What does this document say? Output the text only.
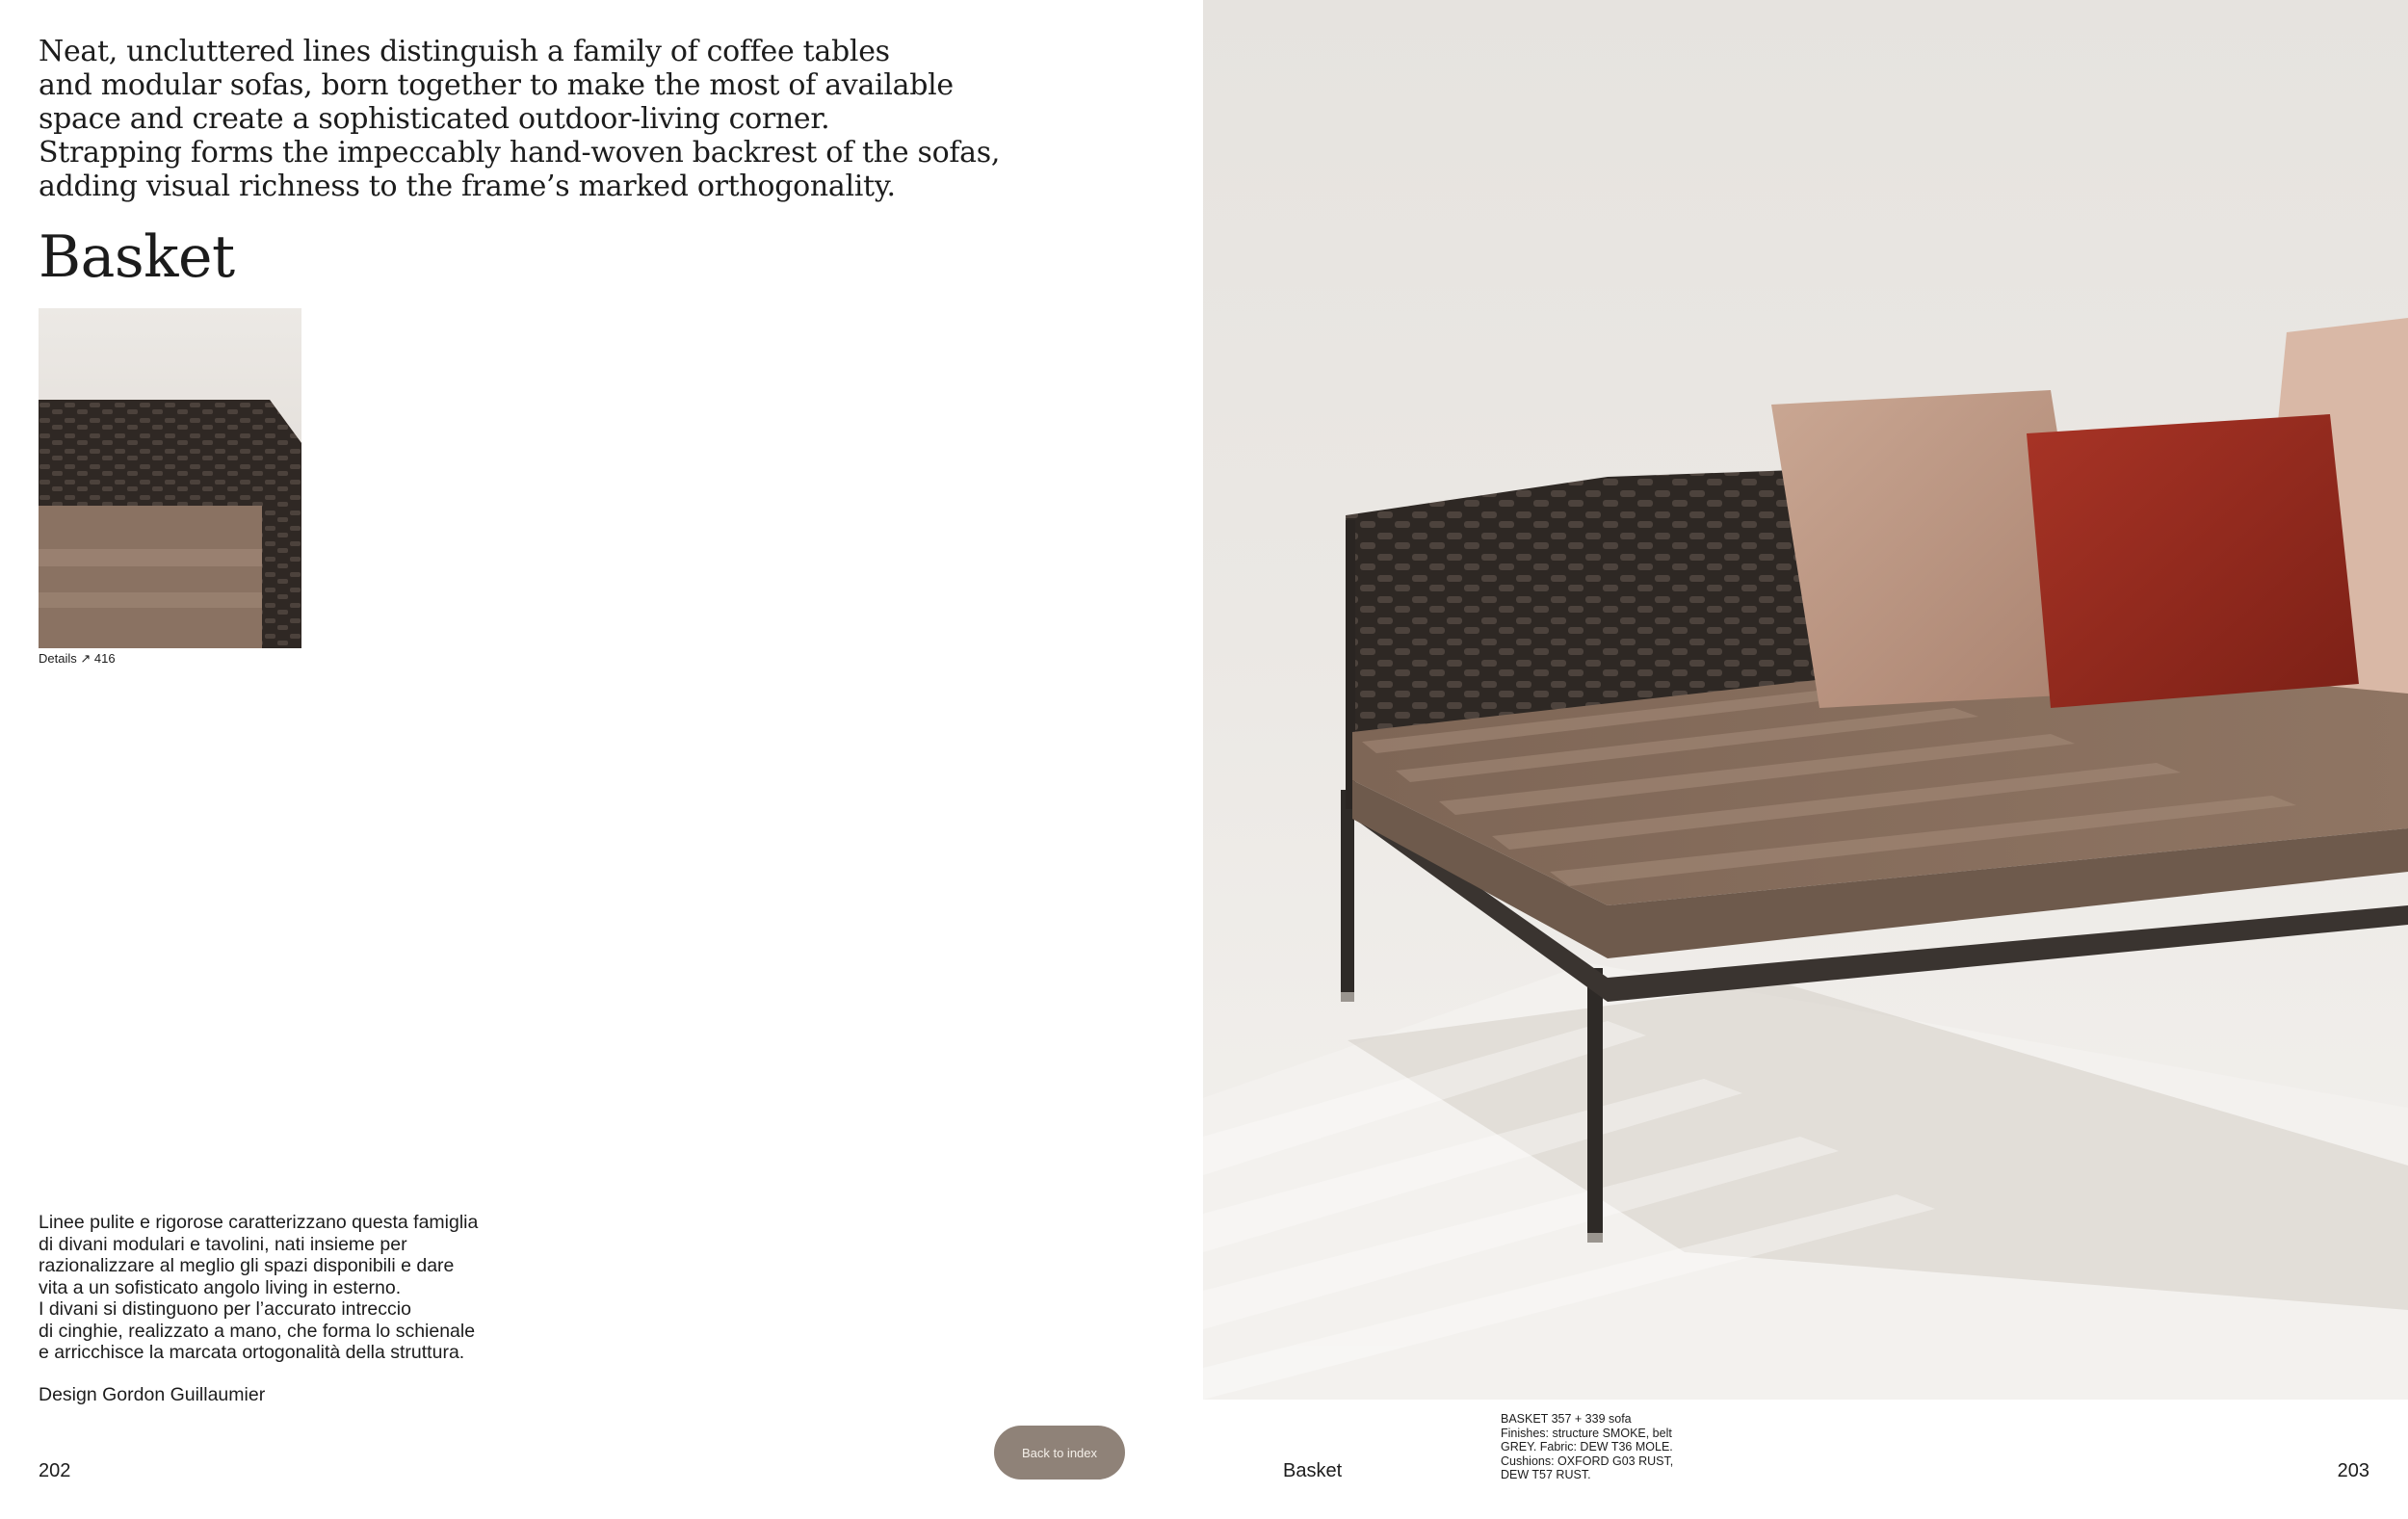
Neat, uncluttered lines distinguish a family of coffee tables
and modular sofas, born together to make the most of available
space and create a sophisticated outdoor-living corner.
Strapping forms the impeccably hand-woven backrest of the sofas,
adding visual richness to the frame’s marked orthogonality.

Basket
Details ↗ 416

Linee pulite e rigorose caratterizzano questa famiglia
di divani modulari e tavolini, nati insieme per
razionalizzare al meglio gli spazi disponibili e dare
vita a un sofisticato angolo living in esterno.
I divani si distinguono per l’accurato intreccio
di cinghie, realizzato a mano, che forma lo schienale
e arricchisce la marcata ortogonalità della struttura.

Design Gordon Guillaumier
202
Back to index

BASKET 357 + 339 sofa
Finishes: structure SMOKE, belt
GREY. Fabric: DEW T36 MOLE.
Cushions: OXFORD G03 RUST,
DEW T57 RUST.

Basket	203
